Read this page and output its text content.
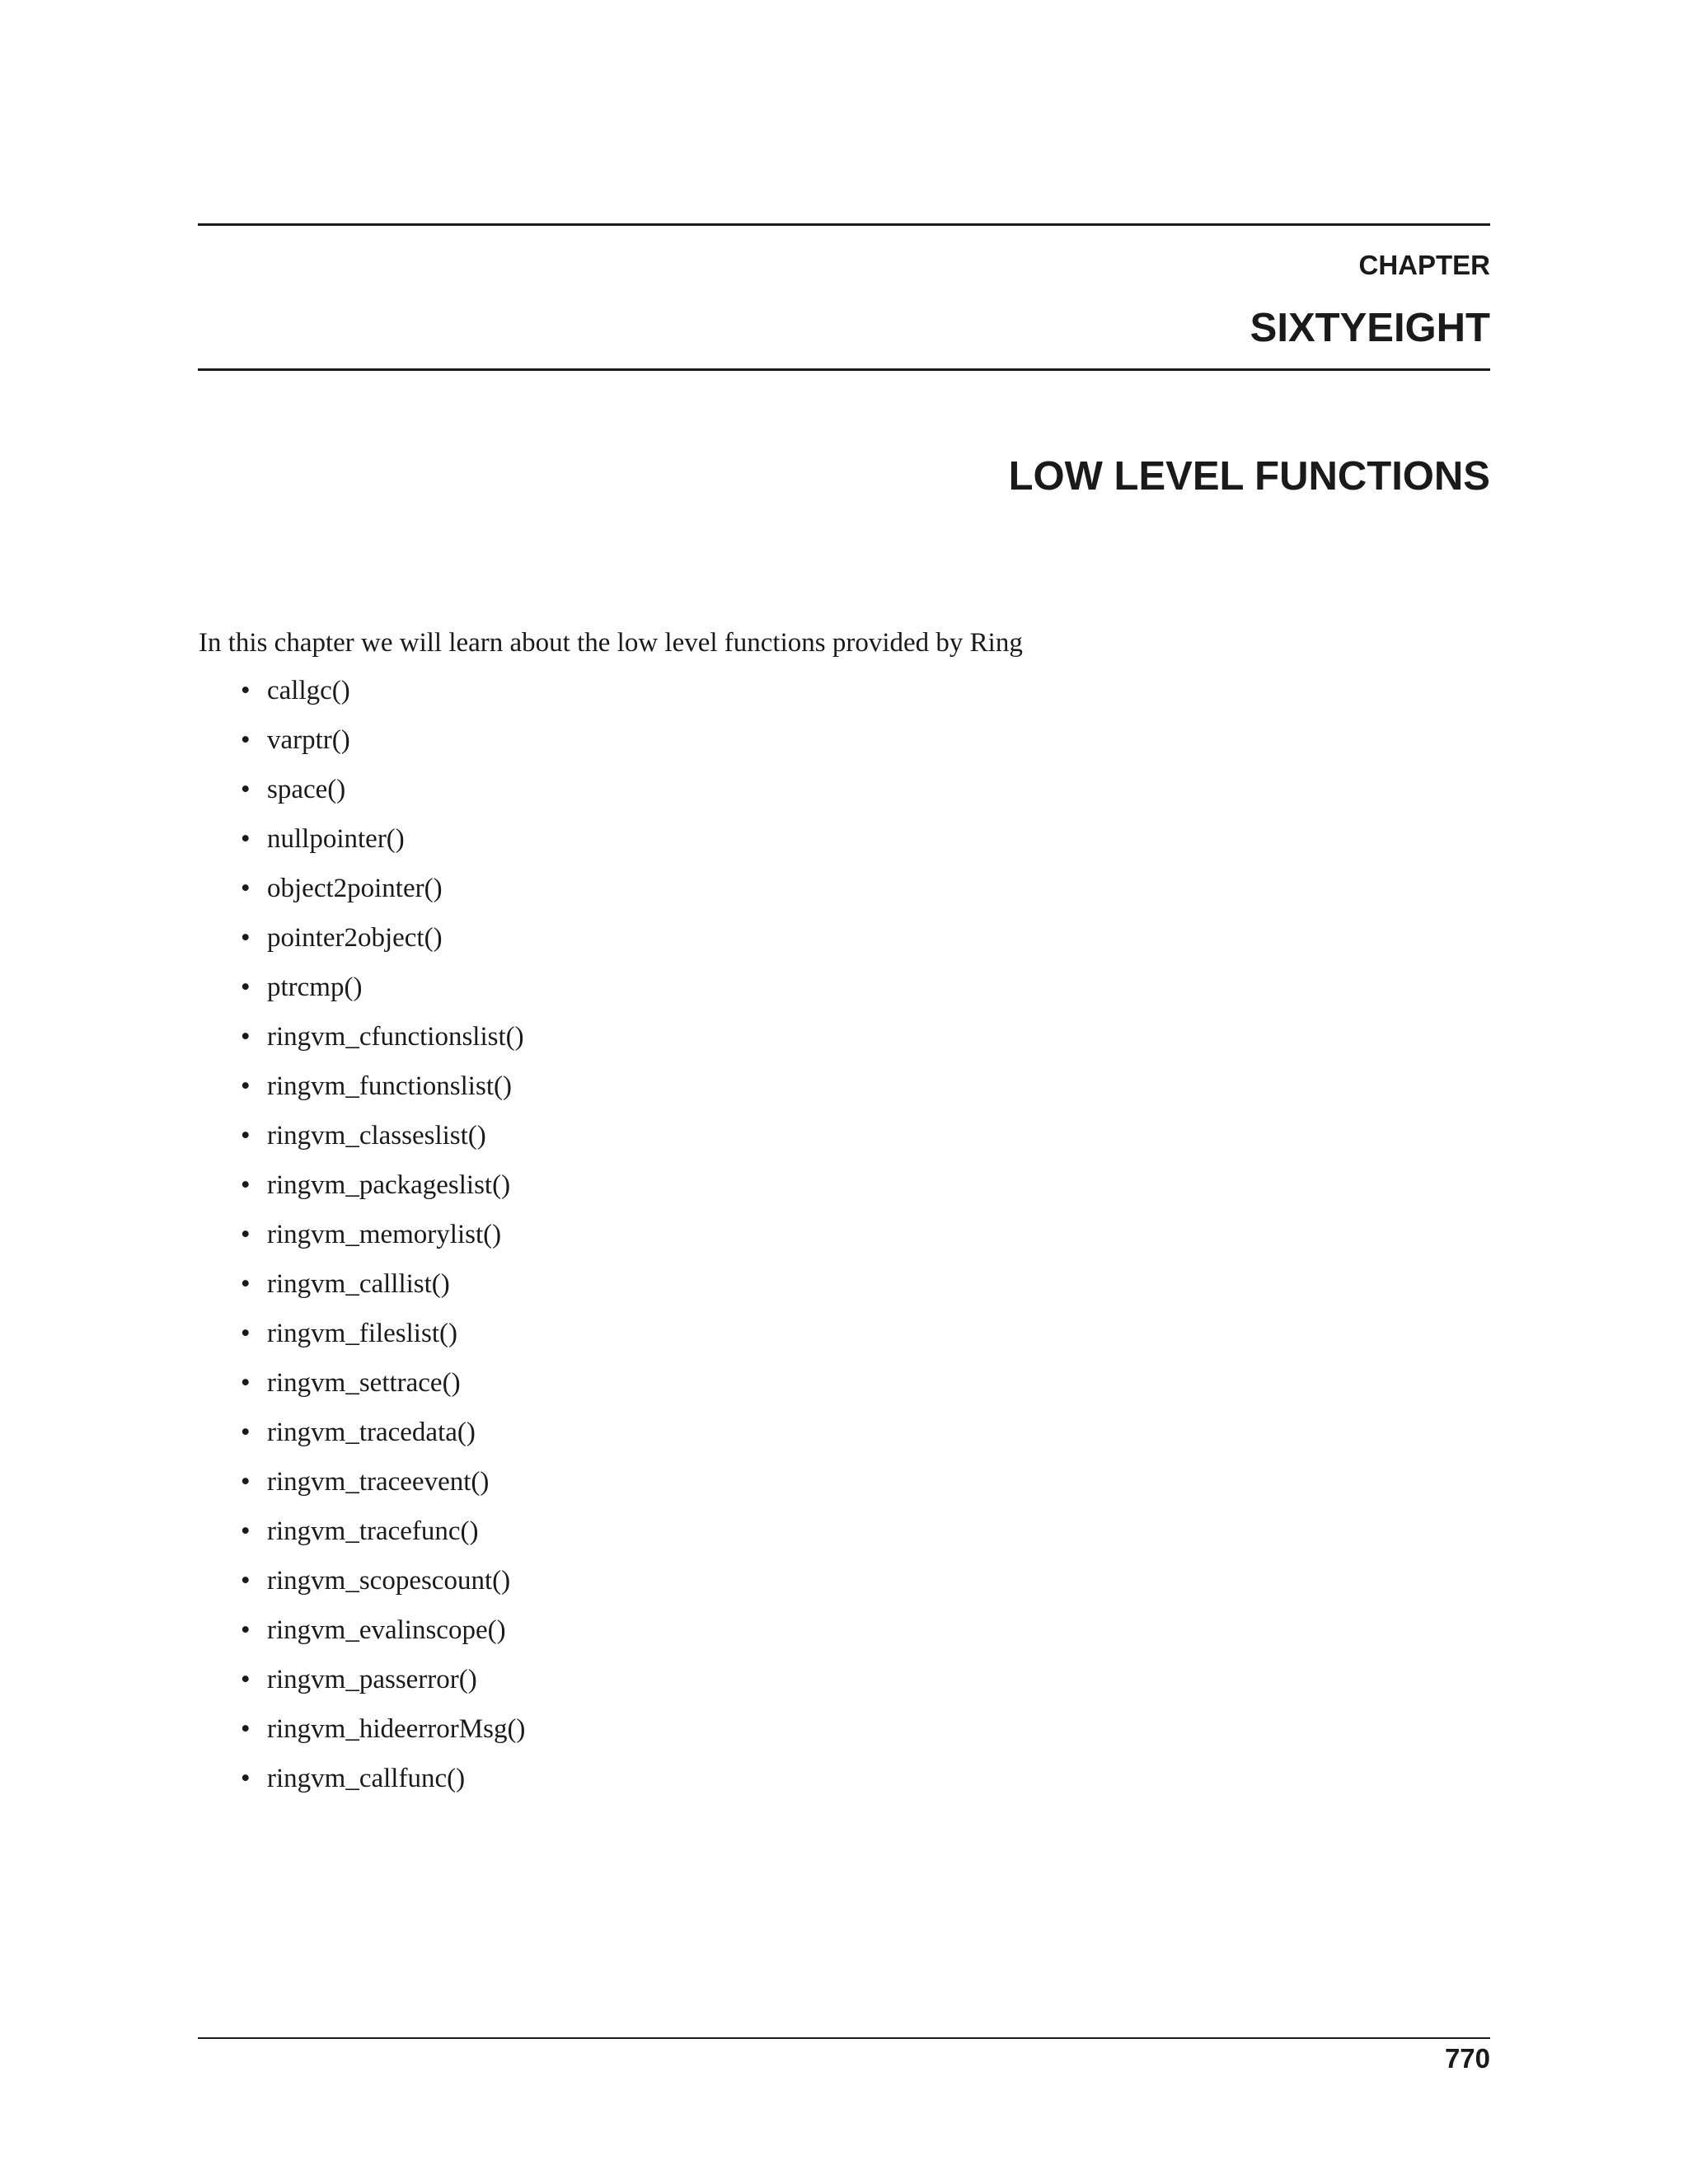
CHAPTER
SIXTYEIGHT
LOW LEVEL FUNCTIONS

In this chapter we will learn about the low level functions provided by Ring

• callgc()
• varptr()
• space()
• nullpointer()
• object2pointer()
• pointer2object()
• ptrcmp()
• ringvm_cfunctionslist()
• ringvm_functionslist()
• ringvm_classeslist()
• ringvm_packageslist()
• ringvm_memorylist()
• ringvm_calllist()
• ringvm_fileslist()
• ringvm_settrace()
• ringvm_tracedata()
• ringvm_traceevent()
• ringvm_tracefunc()
• ringvm_scopescount()
• ringvm_evalinscope()
• ringvm_passerror()
• ringvm_hideerrorMsg()
• ringvm_callfunc()
770
